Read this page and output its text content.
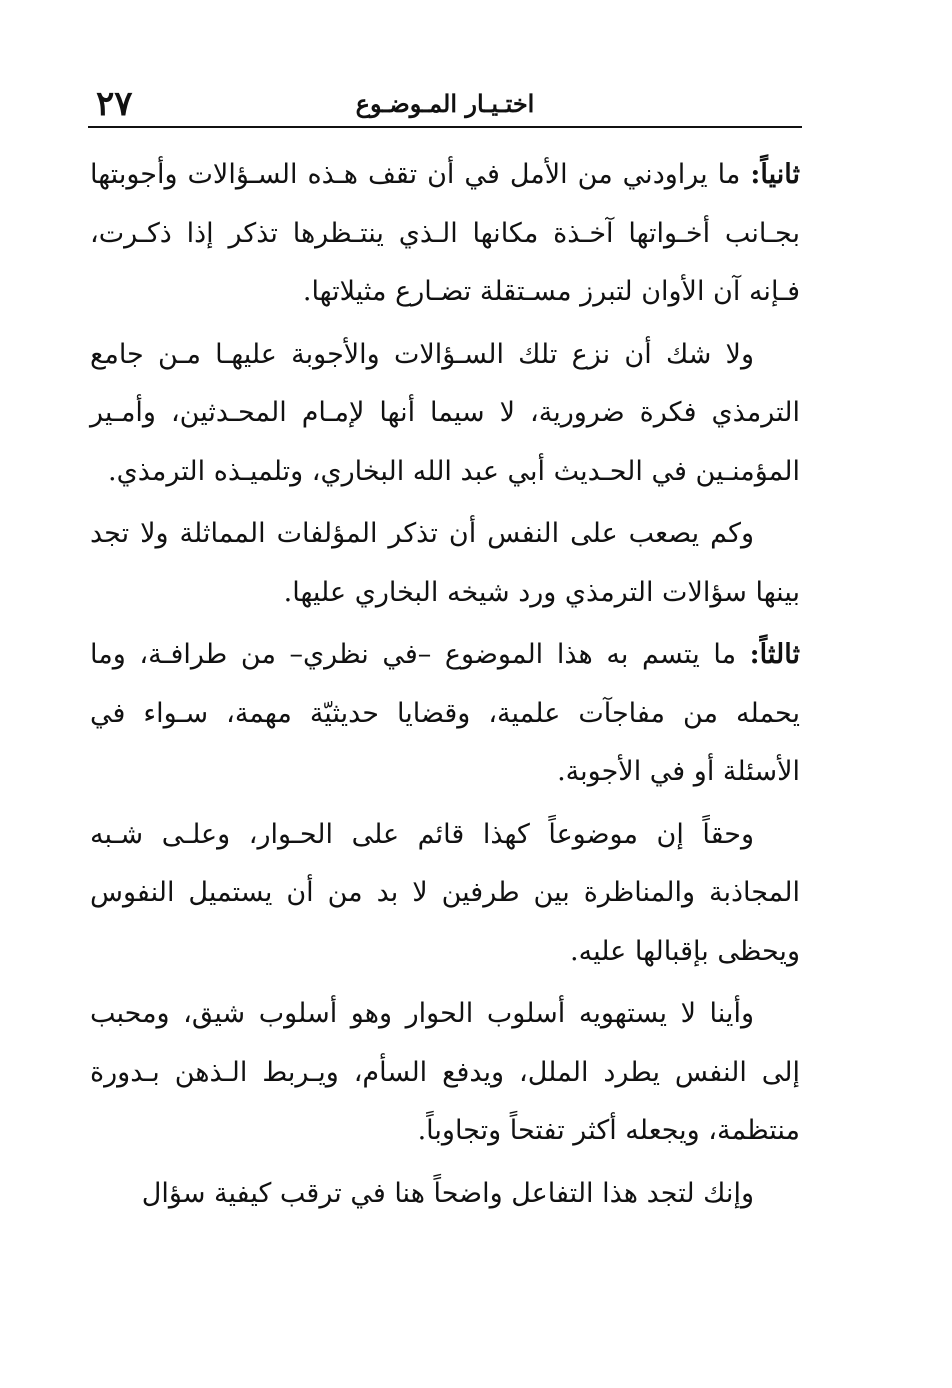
٢٧	اختـيـار المـوضـوع

ثانياً: ما يراودني من الأمل في أن تقف هـذه السـؤالات وأجوبتها بجـانب أخـواتها آخـذة مكانها الـذي ينتـظرها تذكر إذا ذكـرت، فـإنه آن الأوان لتبرز مسـتقلة تضـارع مثيلاتها.

ولا شك أن نزع تلك السـؤالات والأجوبة عليهـا مـن جامع الترمذي فكرة ضرورية، لا سيما أنها لإمـام المحـدثين، وأمـير المؤمنـين في الحـديث أبي عبد الله البخاري، وتلميـذه الترمذي.

وكم يصعب على النفس أن تذكر المؤلفات المماثلة ولا تجد بينها سؤالات الترمذي ورد شيخه البخاري عليها.

ثالثاً: ما يتسم به هذا الموضوع –في نظري– من طرافـة، وما يحمله من مفاجآت علمية، وقضايا حديثيّة مهمة، سـواء في الأسئلة أو في الأجوبة.

وحقاً إن موضوعاً كهذا قائم على الحـوار، وعلـى شـبه المجاذبة والمناظرة بين طرفين لا بد من أن يستميل النفوس ويحظى بإقبالها عليه.

وأينا لا يستهويه أسلوب الحوار وهو أسلوب شيق، ومحبب إلى النفس يطرد الملل، ويدفع السأم، ويـربط الـذهن بـدورة منتظمة، ويجعله أكثر تفتحاً وتجاوباً.

وإنك لتجد هذا التفاعل واضحاً هنا في ترقب كيفية سؤال
